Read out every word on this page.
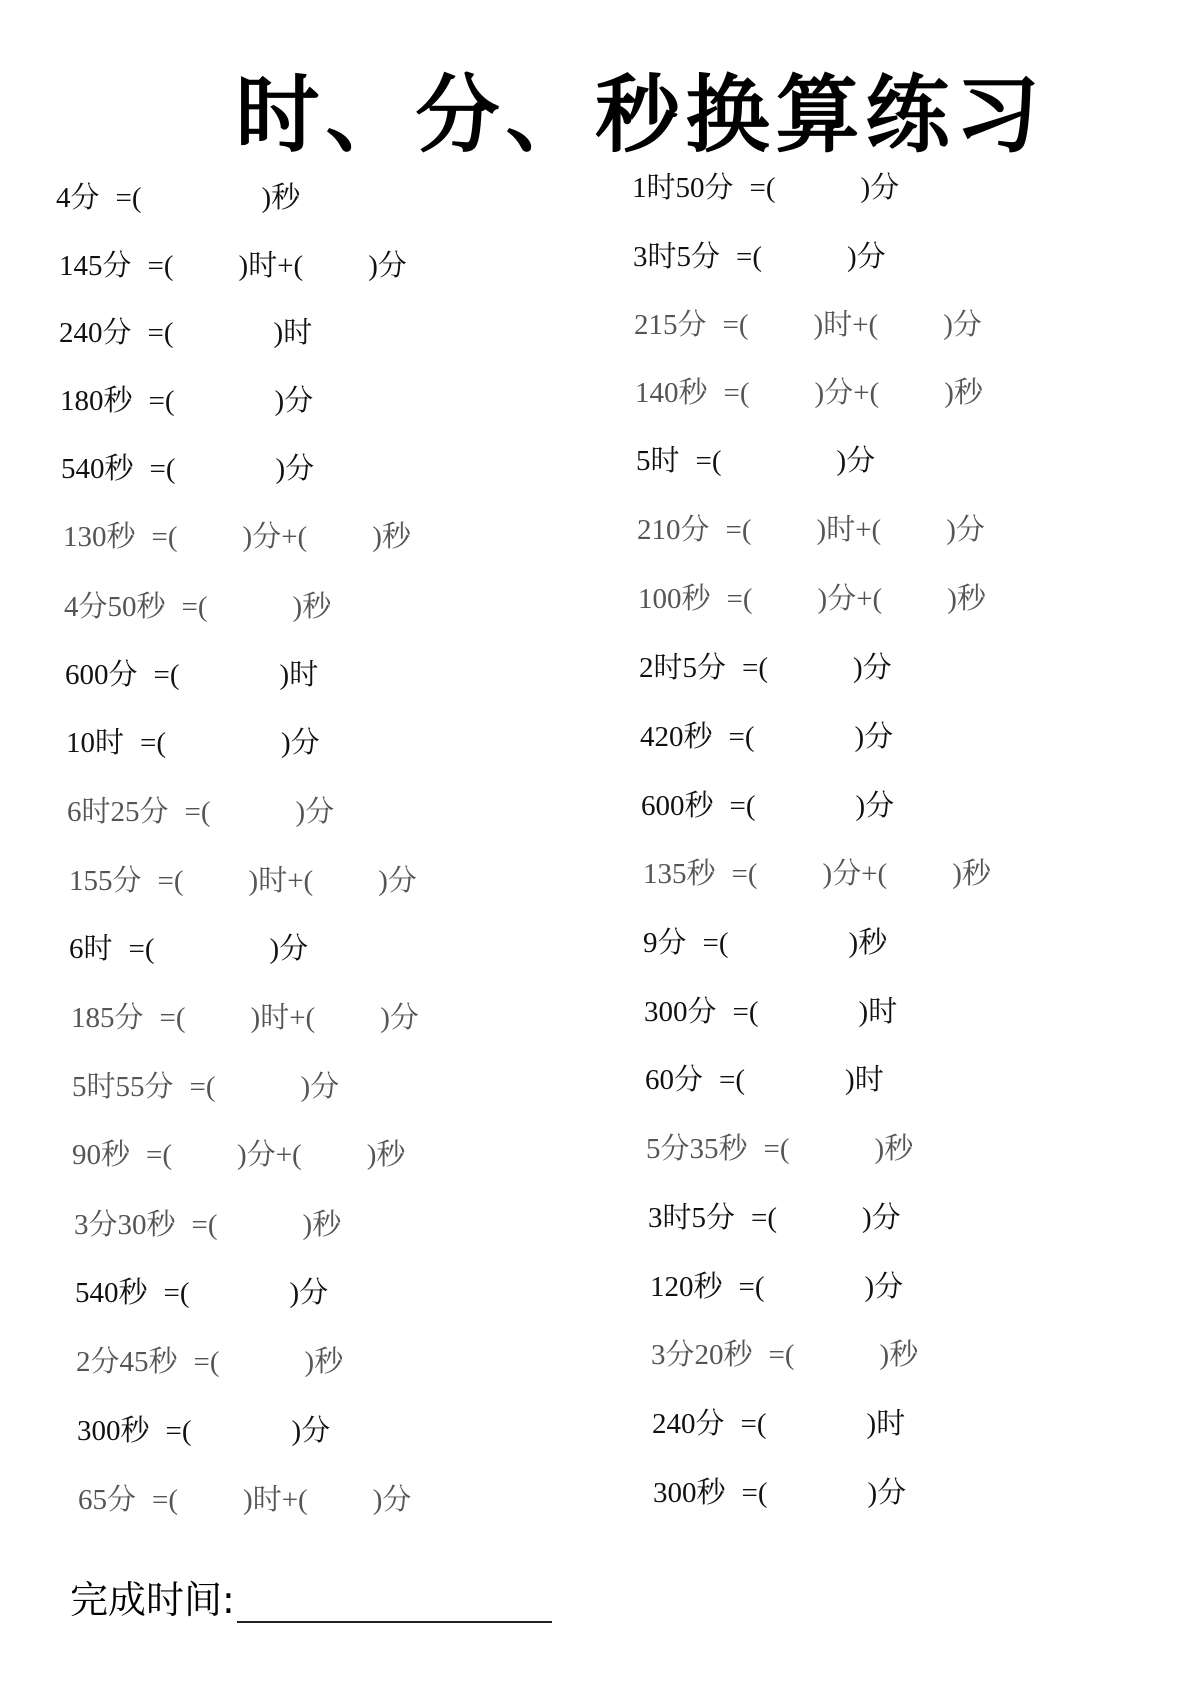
时、分、秒换算练习
4分 =(	)秒
145分 =( )时+( )分
240分 =(	)时
180秒 =(	)分
540秒 =(	)分
130秒 =( )分+( )秒
4分50秒 =(	)秒
600分 =(	)时
10时 =(	)分
6时25分 =(	)分
155分 =( )时+( )分
6时 =(	)分
185分 =( )时+( )分
5时55分 =(	)分
90秒 =( )分+( )秒
3分30秒 =(	)秒
540秒 =(	)分
2分45秒 =(	)秒
300秒 =(	)分
65分 =( )时+( )分
1时50分 =(	)分
3时5分 =(	)分
215分 =( )时+( )分
140秒 =( )分+( )秒
5时 =(	)分
210分 =( )时+( )分
100秒 =( )分+( )秒
2时5分 =(	)分
420秒 =(	)分
600秒 =(	)分
135秒 =( )分+( )秒
9分 =(	)秒
300分 =(	)时
60分 =(	)时
5分35秒 =(	)秒
3时5分 =(	)分
120秒 =(	)分
3分20秒 =(	)秒
240分 =(	)时
300秒 =(	)分
完成时间:
